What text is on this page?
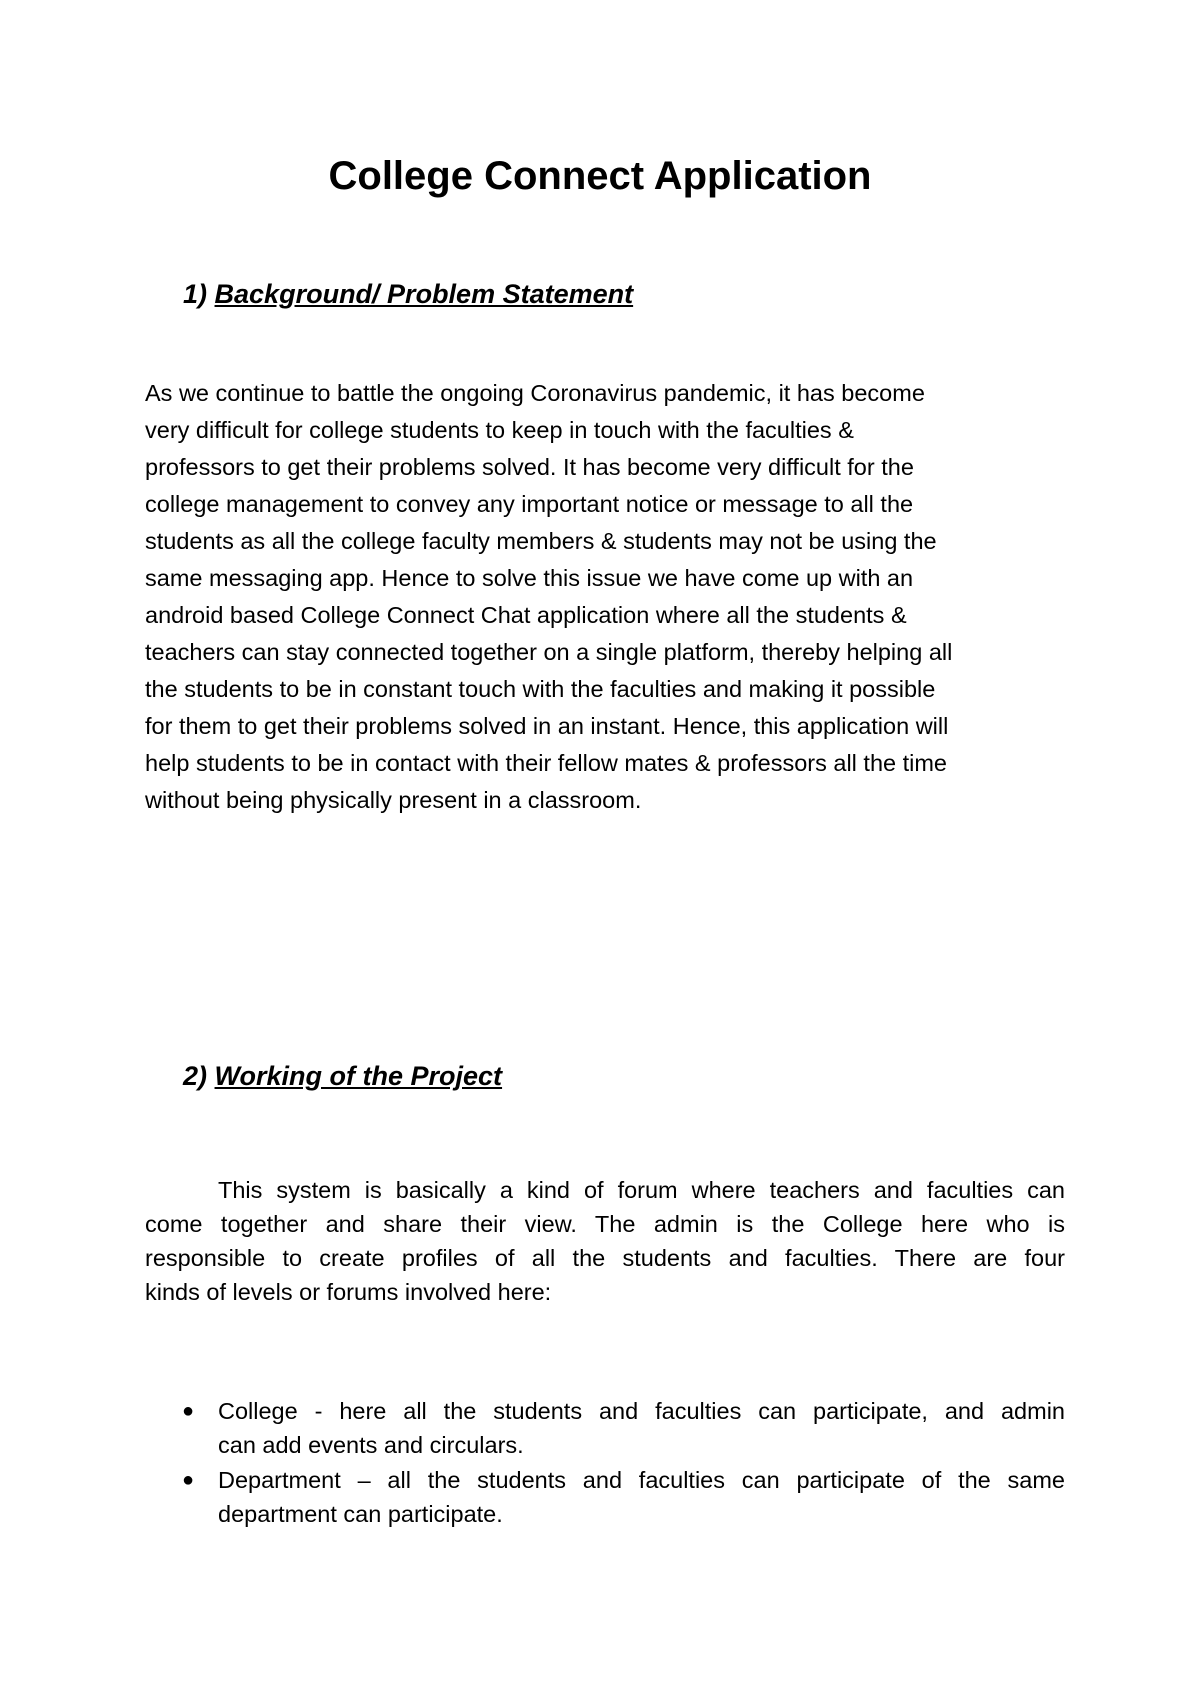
College Connect Application
1) Background/ Problem Statement

As we continue to battle the ongoing Coronavirus pandemic, it has become
very difficult for college students to keep in touch with the faculties &
professors to get their problems solved. It has become very difficult for the
college management to convey any important notice or message to all the
students as all the college faculty members & students may not be using the
same messaging app. Hence to solve this issue we have come up with an
android based College Connect Chat application where all the students &
teachers can stay connected together on a single platform, thereby helping all
the students to be in constant touch with the faculties and making it possible
for them to get their problems solved in an instant. Hence, this application will
help students to be in contact with their fellow mates & professors all the time
without being physically present in a classroom.

2) Working of the Project

This system is basically a kind of forum where teachers and faculties can
come together and share their view. The admin is the College here who is
responsible to create profiles of all the students and faculties. There are four
kinds of levels or forums involved here:

● College - here all the students and faculties can participate, and admin
can add events and circulars.
● Department – all the students and faculties can participate of the same
department can participate.
